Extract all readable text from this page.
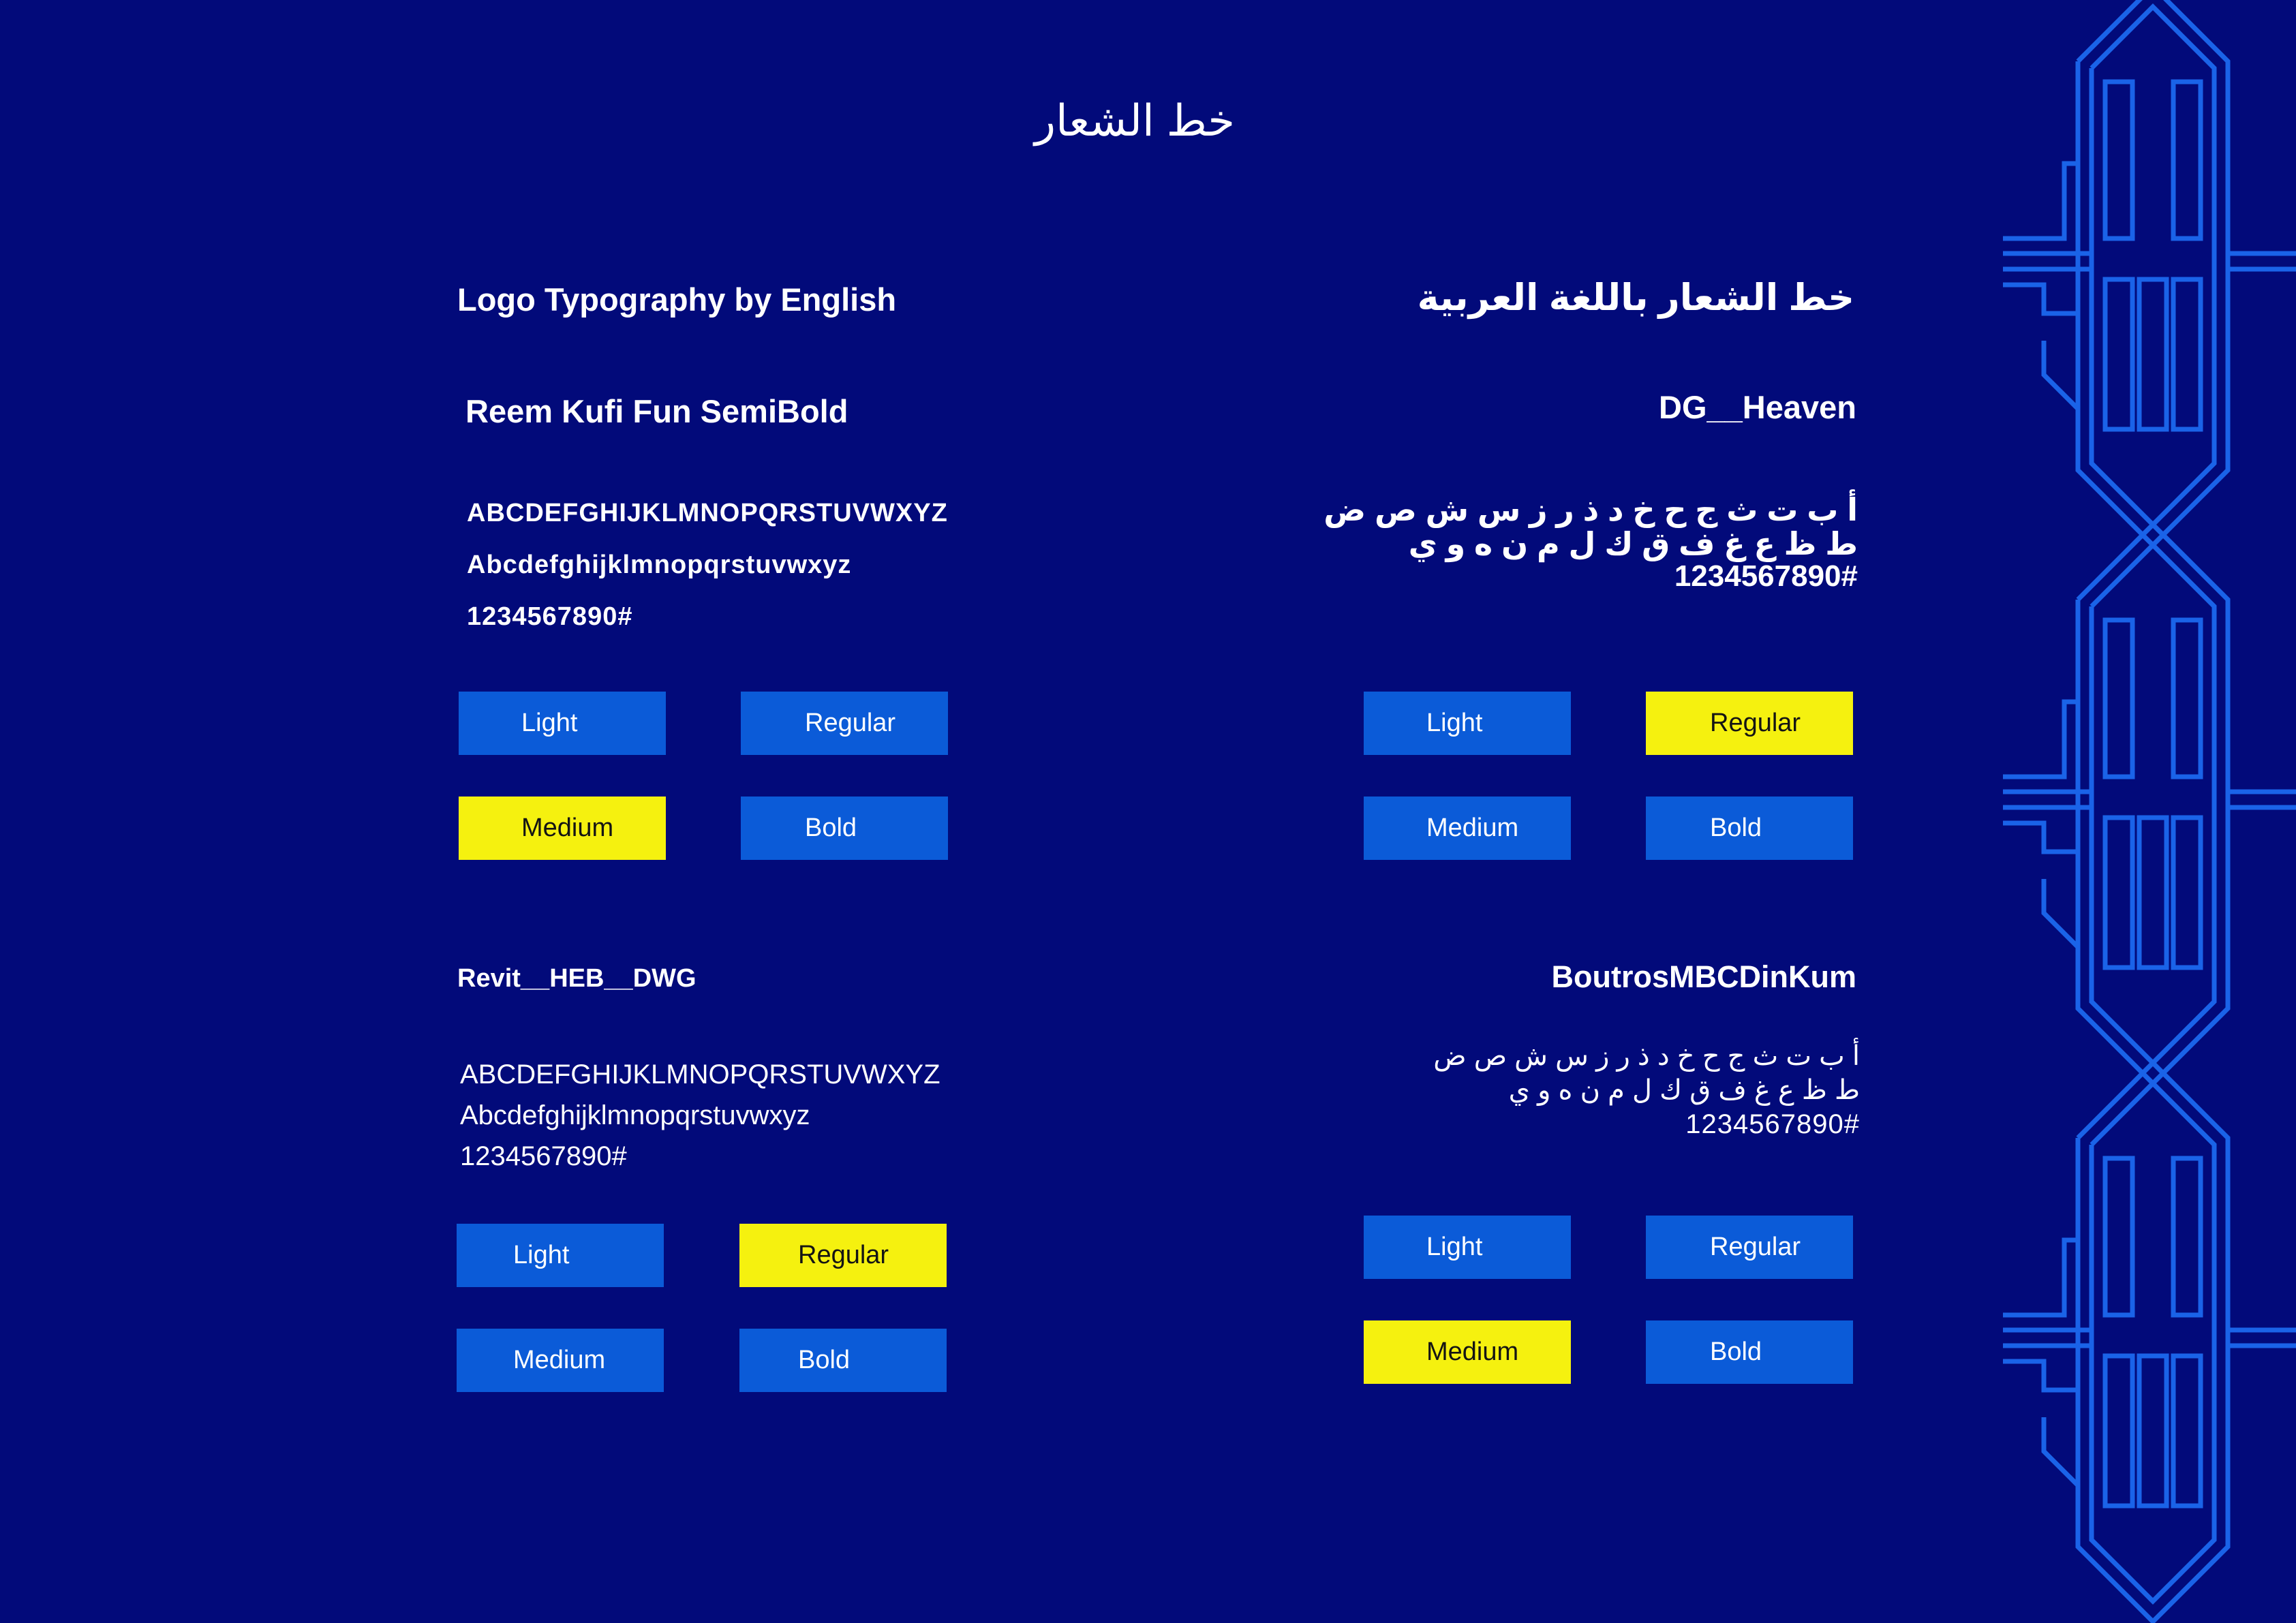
خط الشعار
Logo Typography by English
Reem Kufi Fun SemiBold
ABCDEFGHIJKLMNOPQRSTUVWXYZ
Abcdefghijklmnopqrstuvwxyz
1234567890#
Light	Regular
Medium	Bold
Revit__HEB__DWG
ABCDEFGHIJKLMNOPQRSTUVWXYZ
Abcdefghijklmnopqrstuvwxyz
1234567890#
Light	Regular
Medium	Bold
خط الشعار باللغة العربية
DG__Heaven
أ ب ت ث ج ح خ د ذ ر ز س ش ص ض
ط ظ ع غ ف ق ك ل م ن ه و ي
1234567890#
Light	Regular
Medium	Bold
BoutrosMBCDinKum
أ ب ت ث ج ح خ د ذ ر ز س ش ص ض
ط ظ ع غ ف ق ك ل م ن ه و ي
1234567890#
Light	Regular
Medium	Bold
